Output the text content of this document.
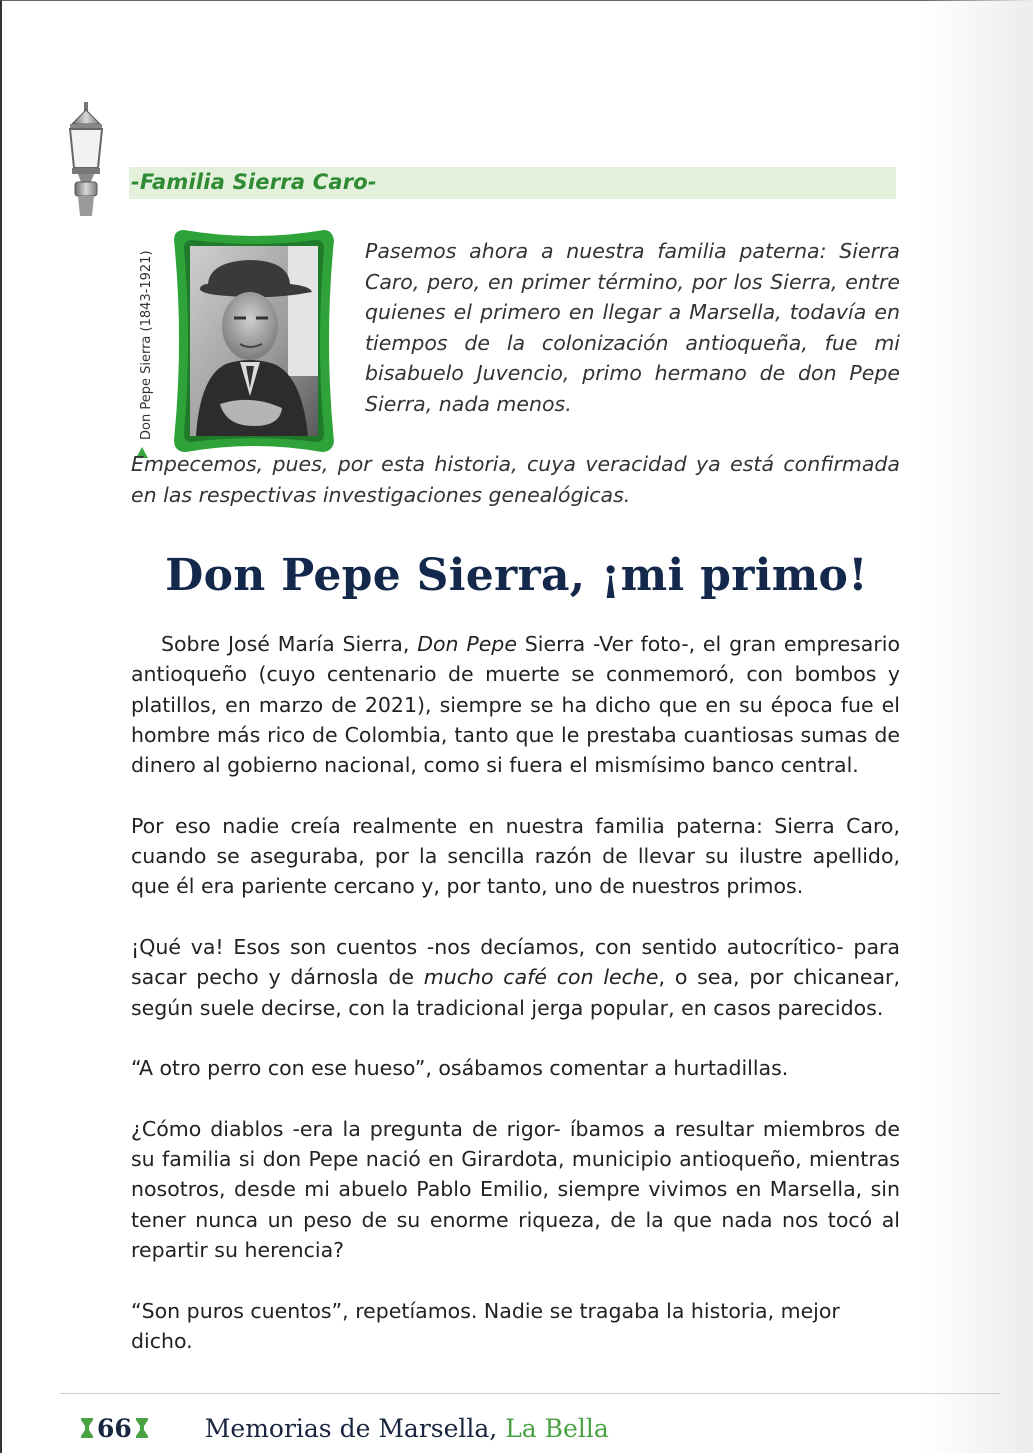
-Familia Sierra Caro-
Don Pepe Sierra (1843-1921)	Pasemos ahora a nuestra familia paterna: Sierra Caro, pero, en primer término, por los Sierra, entre quienes el primero en llegar a Marsella, todavía en tiempos de la colonización antioqueña, fue mi bisabuelo Juvencio, primo hermano de don Pepe Sierra, nada menos.

Empecemos, pues, por esta historia, cuya veracidad ya está confirmada en las respectivas investigaciones genealógicas.

Don Pepe Sierra, ¡mi primo!

Sobre José María Sierra, Don Pepe Sierra -Ver foto-, el gran empresario antioqueño (cuyo centenario de muerte se conmemoró, con bombos y platillos, en marzo de 2021), siempre se ha dicho que en su época fue el hombre más rico de Colombia, tanto que le prestaba cuantiosas sumas de dinero al gobierno nacional, como si fuera el mismísimo banco central.

Por eso nadie creía realmente en nuestra familia paterna: Sierra Caro, cuando se aseguraba, por la sencilla razón de llevar su ilustre apellido, que él era pariente cercano y, por tanto, uno de nuestros primos.

¡Qué va! Esos son cuentos -nos decíamos, con sentido autocrítico- para sacar pecho y dárnosla de mucho café con leche, o sea, por chicanear, según suele decirse, con la tradicional jerga popular, en casos parecidos.

“A otro perro con ese hueso”, osábamos comentar a hurtadillas.

¿Cómo diablos -era la pregunta de rigor- íbamos a resultar miembros de su familia si don Pepe nació en Girardota, municipio antioqueño, mientras nosotros, desde mi abuelo Pablo Emilio, siempre vivimos en Marsella, sin tener nunca un peso de su enorme riqueza, de la que nada nos tocó al repartir su herencia?

“Son puros cuentos”, repetíamos. Nadie se tragaba la historia, mejor dicho.

66	Memorias de Marsella, La Bella
